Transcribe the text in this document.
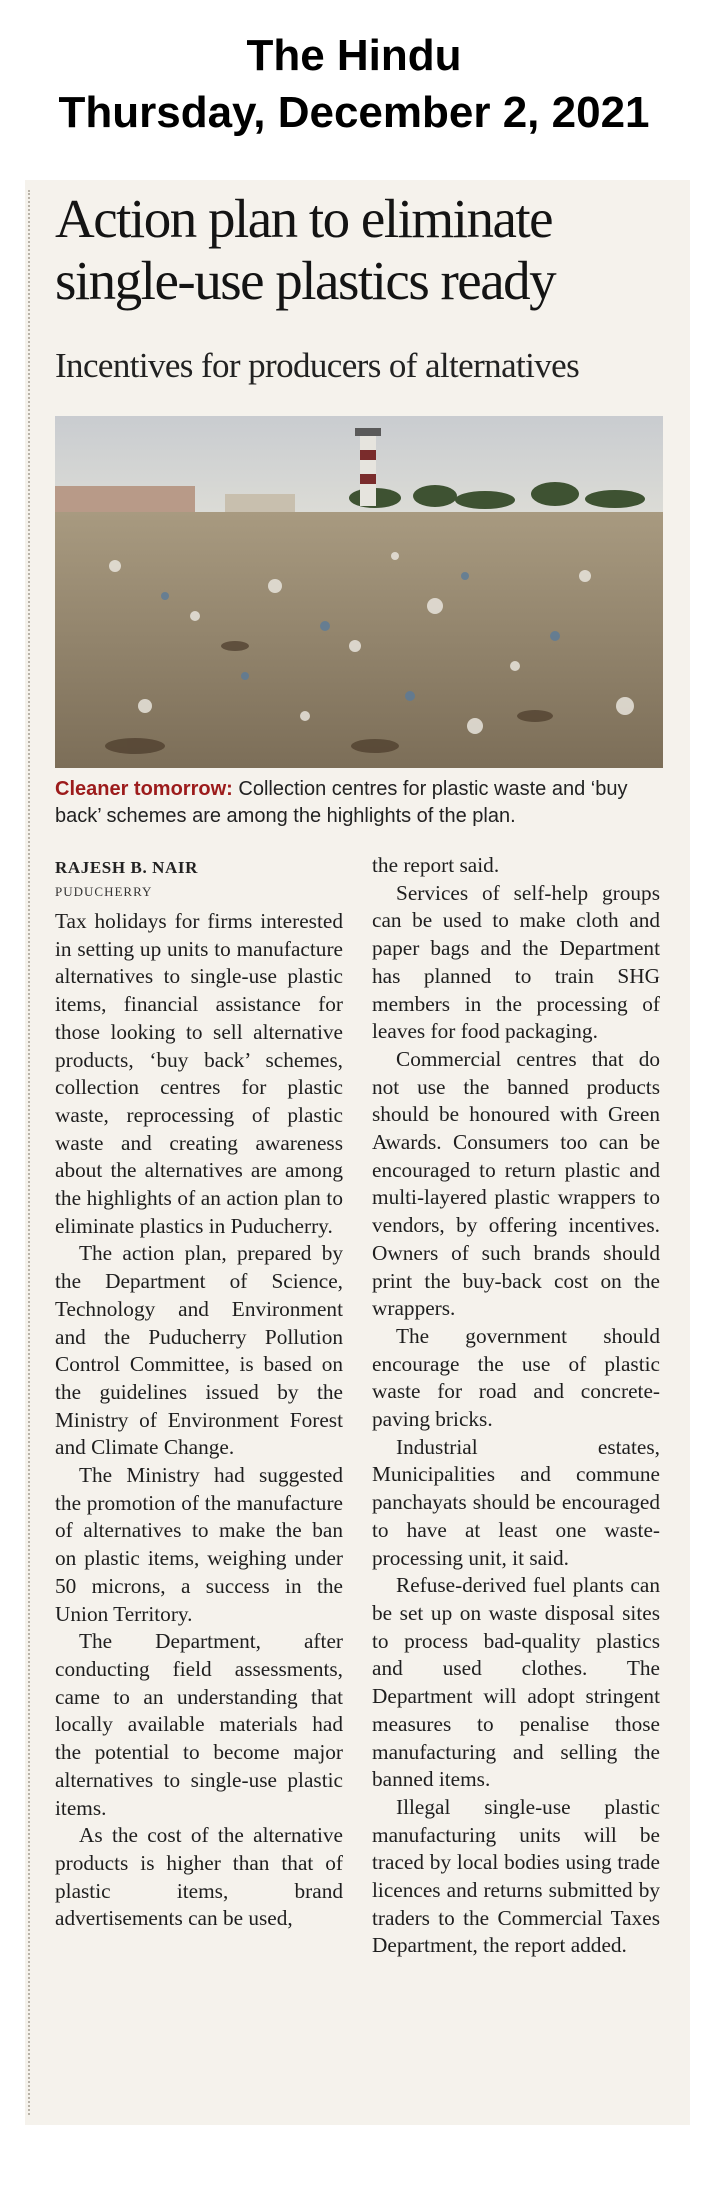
The Hindu
Thursday, December 2, 2021
Action plan to eliminate single-use plastics ready
Incentives for producers of alternatives
Cleaner tomorrow: Collection centres for plastic waste and ‘buy back’ schemes are among the highlights of the plan.
RAJESH B. NAIR
PUDUCHERRY

Tax holidays for firms interested in setting up units to manufacture alternatives to single-use plastic items, financial assistance for those looking to sell alternative products, ‘buy back’ schemes, collection centres for plastic waste, reprocessing of plastic waste and creating awareness about the alternatives are among the highlights of an action plan to eliminate plastics in Puducherry.

The action plan, prepared by the Department of Science, Technology and Environment and the Puducherry Pollution Control Committee, is based on the guidelines issued by the Ministry of Environment Forest and Climate Change.

The Ministry had suggested the promotion of the manufacture of alternatives to make the ban on plastic items, weighing under 50 microns, a success in the Union Territory.

The Department, after conducting field assessments, came to an understanding that locally available materials had the potential to become major alternatives to single-use plastic items.

As the cost of the alternative products is higher than that of plastic items, brand advertisements can be used,

the report said.

Services of self-help groups can be used to make cloth and paper bags and the Department has planned to train SHG members in the processing of leaves for food packaging.

Commercial centres that do not use the banned products should be honoured with Green Awards. Consumers too can be encouraged to return plastic and multi-layered plastic wrappers to vendors, by offering incentives. Owners of such brands should print the buy-back cost on the wrappers.

The government should encourage the use of plastic waste for road and concrete-paving bricks.

Industrial estates, Municipalities and commune panchayats should be encouraged to have at least one waste-processing unit, it said.

Refuse-derived fuel plants can be set up on waste disposal sites to process bad-quality plastics and used clothes. The Department will adopt stringent measures to penalise those manufacturing and selling the banned items.

Illegal single-use plastic manufacturing units will be traced by local bodies using trade licences and returns submitted by traders to the Commercial Taxes Department, the report added.
